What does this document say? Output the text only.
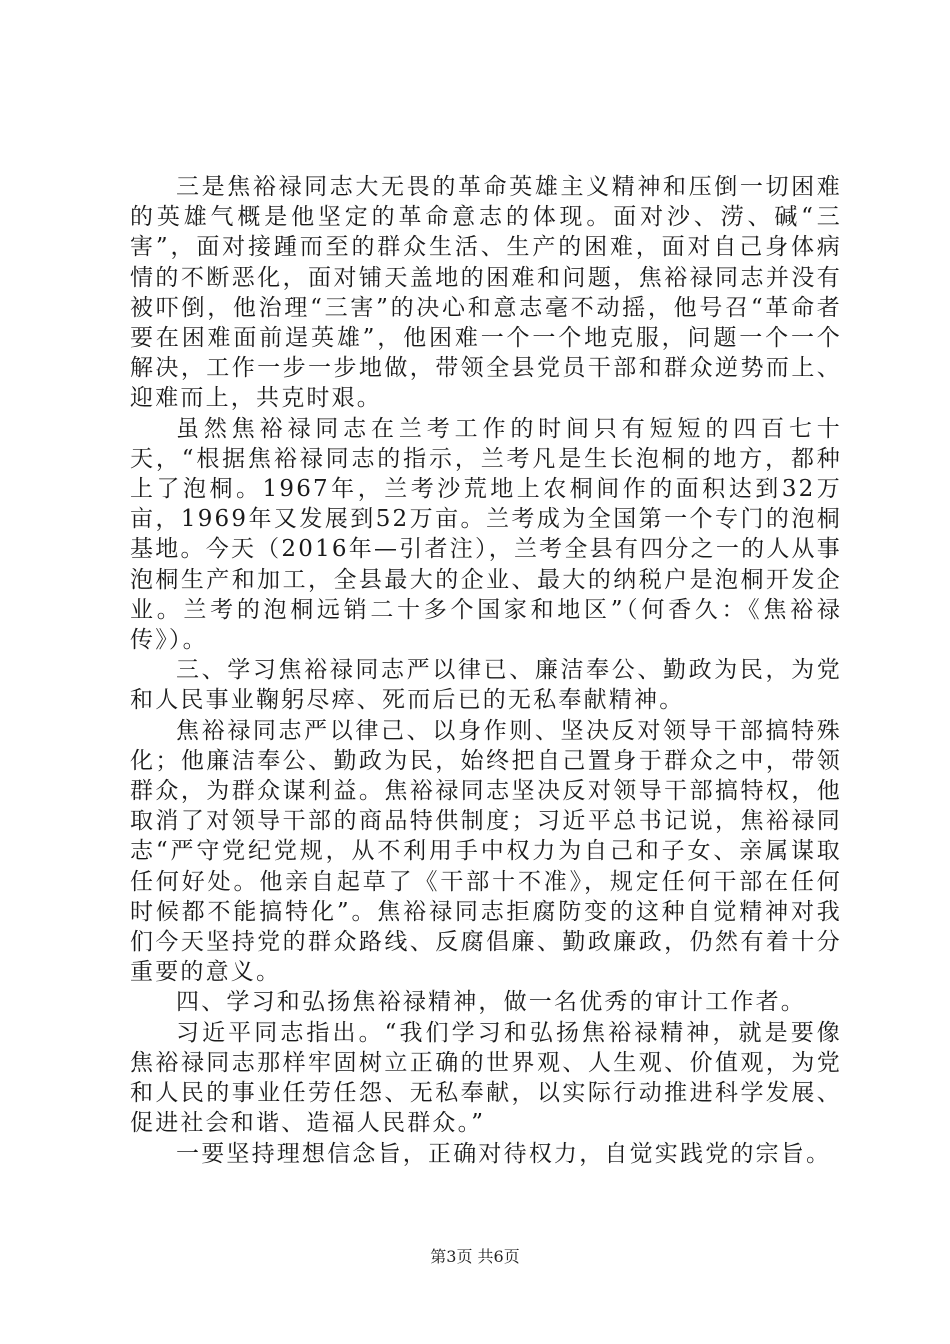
三是焦裕禄同志大无畏的革命英雄主义精神和压倒一切困难的英雄气概是他坚定的革命意志的体现。面对沙、涝、碱“三害”，面对接踵而至的群众生活、生产的困难，面对自己身体病情的不断恶化，面对铺天盖地的困难和问题，焦裕禄同志并没有被吓倒，他治理“三害”的决心和意志毫不动摇，他号召“革命者要在困难面前逞英雄”，他困难一个一个地克服，问题一个一个解决，工作一步一步地做，带领全县党员干部和群众逆势而上、迎难而上，共克时艰。

虽然焦裕禄同志在兰考工作的时间只有短短的四百七十天，“根据焦裕禄同志的指示，兰考凡是生长泡桐的地方，都种上了泡桐。1967年，兰考沙荒地上农桐间作的面积达到32万亩，1969年又发展到52万亩。兰考成为全国第一个专门的泡桐基地。今天（2016年—引者注），兰考全县有四分之一的人从事泡桐生产和加工，全县最大的企业、最大的纳税户是泡桐开发企业。兰考的泡桐远销二十多个国家和地区”（何香久：《焦裕禄传》）。

三、学习焦裕禄同志严以律已、廉洁奉公、勤政为民，为党和人民事业鞠躬尽瘁、死而后已的无私奉献精神。

焦裕禄同志严以律己、以身作则、坚决反对领导干部搞特殊化；他廉洁奉公、勤政为民，始终把自己置身于群众之中，带领群众，为群众谋利益。焦裕禄同志坚决反对领导干部搞特权，他取消了对领导干部的商品特供制度；习近平总书记说，焦裕禄同志“严守党纪党规，从不利用手中权力为自己和子女、亲属谋取任何好处。他亲自起草了《干部十不准》，规定任何干部在任何时候都不能搞特化”。焦裕禄同志拒腐防变的这种自觉精神对我们今天坚持党的群众路线、反腐倡廉、勤政廉政，仍然有着十分重要的意义。

四、学习和弘扬焦裕禄精神，做一名优秀的审计工作者。

习近平同志指出。“我们学习和弘扬焦裕禄精神，就是要像焦裕禄同志那样牢固树立正确的世界观、人生观、价值观，为党和人民的事业任劳任怨、无私奉献，以实际行动推进科学发展、促进社会和谐、造福人民群众。”

一要坚持理想信念旨，正确对待权力，自觉实践党的宗旨。

第3页 共6页
